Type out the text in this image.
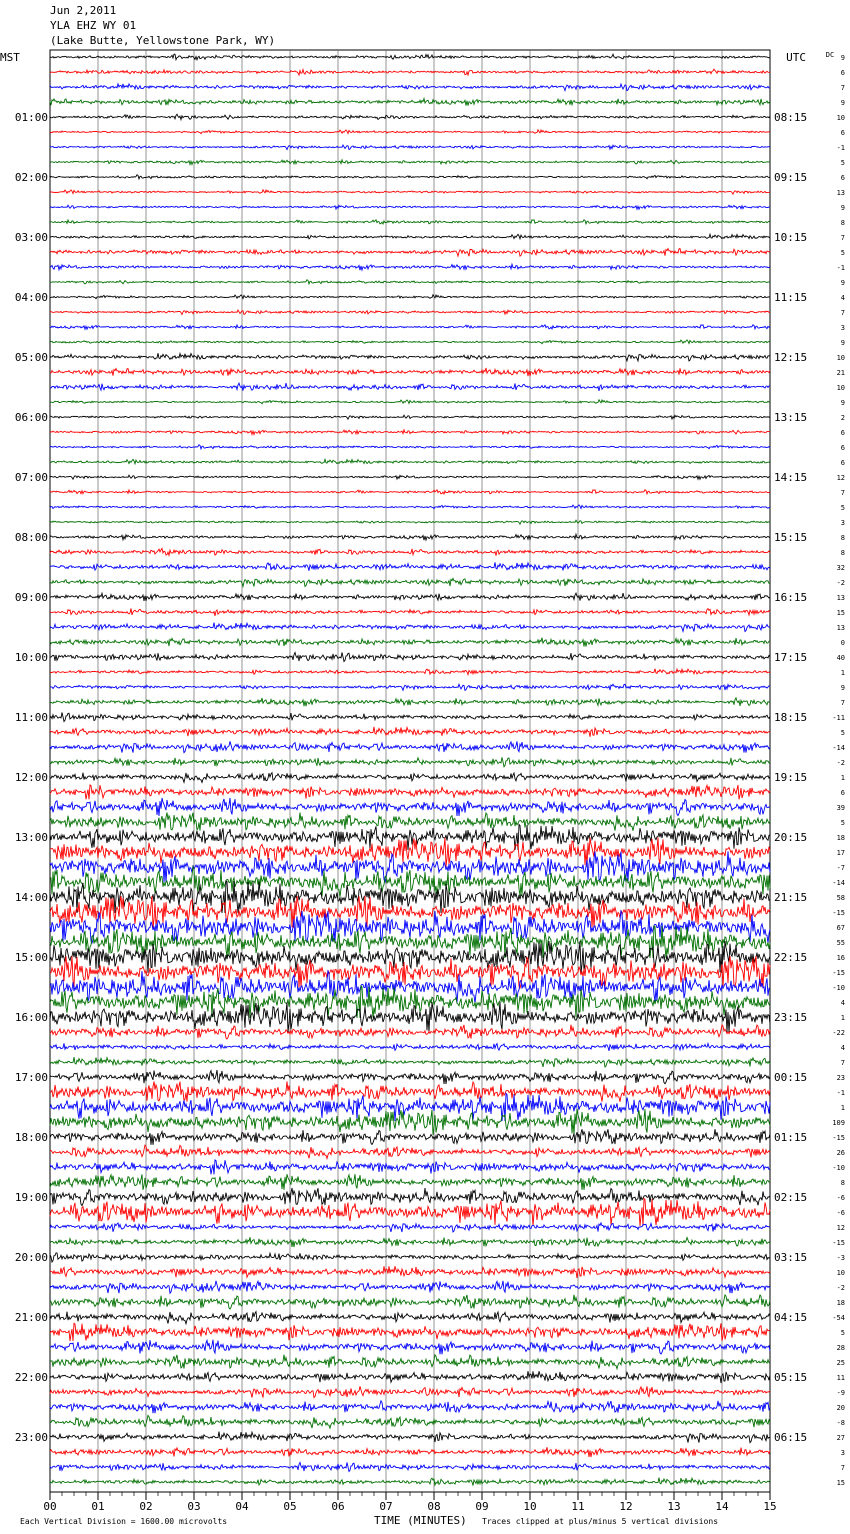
Jun 2,2011
YLA EHZ WY 01
(Lake Butte, Yellowstone Park, WY)
MST	UTC	DC
01:00
02:00
03:00
04:00
05:00
06:00
07:00
08:00
09:00
10:00
11:00
12:00
13:00
14:00
15:00
16:00
17:00
18:00
19:00
20:00
21:00
22:00
23:00
08:15
09:15
10:15
11:15
12:15
13:15
14:15
15:15
16:15
17:15
18:15
19:15
20:15
21:15
22:15
23:15
00:15
01:15
02:15
03:15
04:15
05:15
06:15
9
6
7
9
10
6
-1
5
6
13
9
8
7
5
-1
9
4
7
3
9
10
21
10
9
2
6
6
6
12
7
5
3
8
8
32
-2
13
15
13
0
40
1
9
7
-11
5
-14
-2
1
6
39
5
18
17
-7
-14
58
-15
67
55
16
-15
-10
4
1
-22
4
7
23
-1
1
109
-15
26
-10
8
-6
-6
12
-15
-3
10
-2
18
-54
5
28
25
11
-9
20
-8
27
3
7
15
00	01	02	03	04	05	06	07	08	09	10	11	12	13	14	15
Each Vertical Division = 1600.00 microvolts	TIME (MINUTES) Traces clipped at plus/minus 5 vertical divisions
